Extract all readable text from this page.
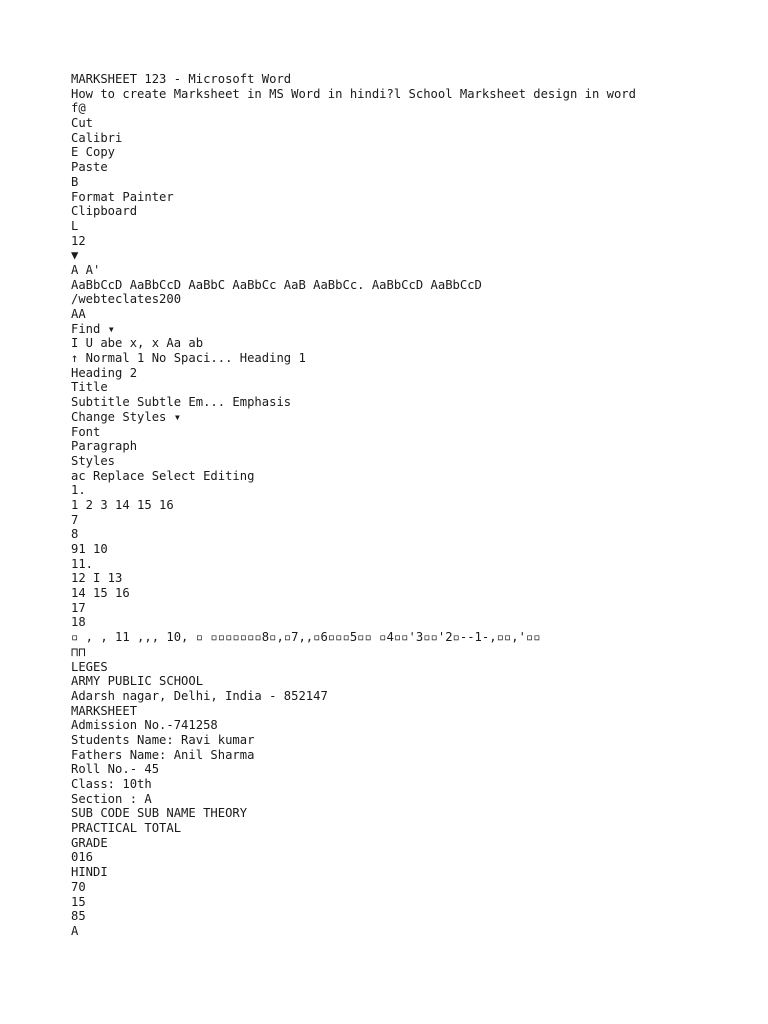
MARKSHEET 123 - Microsoft Word
How to create Marksheet in MS Word in hindi?l School Marksheet design in word
f@
Cut
Calibri
E Copy
Paste
B
Format Painter
Clipboard
L
12
▼
A A'
AaBbCcD AaBbCcD AaBbC AaBbCc AaB AaBbCc. AaBbCcD AaBbCcD
/webteclates200
AA
Find ▾
I U abe x, x Aa ab
↑ Normal 1 No Spaci... Heading 1
Heading 2
Title
Subtitle Subtle Em... Emphasis
Change Styles ▾
Font
Paragraph
Styles
ac Replace Select Editing
1.
1 2 3 14 15 16
7
8
91 10
11.
12 I 13
14 15 16
17
18
▫ , , 11 ,,, 10, ▫ ▫▫▫▫▫▫▫8▫,▫7,,▫6▫▫▫5▫▫ ▫4▫▫'3▫▫'2▫--1-,▫▫,'▫▫
⊓⊓
LEGES
ARMY PUBLIC SCHOOL
Adarsh nagar, Delhi, India - 852147
MARKSHEET
Admission No.-741258
Students Name: Ravi kumar
Fathers Name: Anil Sharma
Roll No.- 45
Class: 10th
Section : A
SUB CODE SUB NAME THEORY
PRACTICAL TOTAL
GRADE
016
HINDI
70
15
85
A
